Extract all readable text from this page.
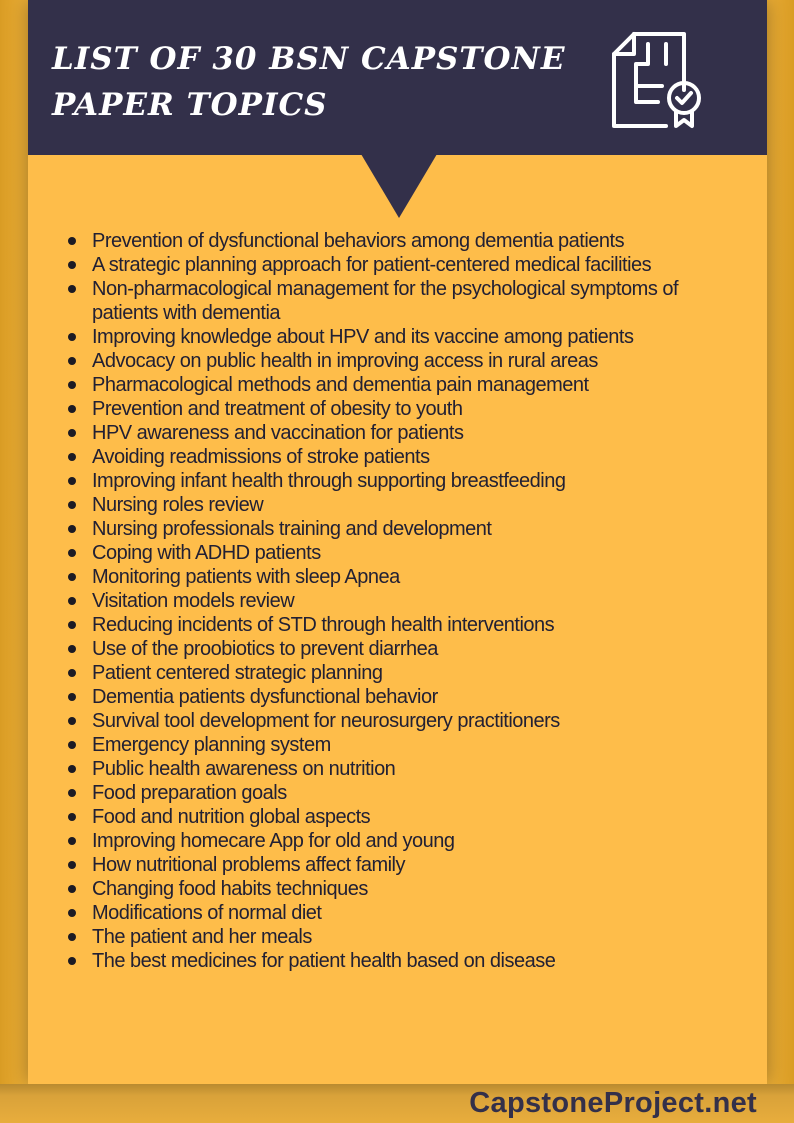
LIST OF 30 BSN CAPSTONE PAPER TOPICS
Prevention of dysfunctional behaviors among dementia patients
A strategic planning approach for patient-centered medical facilities
Non-pharmacological management for the psychological symptoms of patients with dementia
Improving knowledge about HPV and its vaccine among patients
Advocacy on public health in improving access in rural areas
Pharmacological methods and dementia pain management
Prevention and treatment of obesity to youth
HPV awareness and vaccination for patients
Avoiding readmissions of stroke patients
Improving infant health through supporting breastfeeding
Nursing roles review
Nursing professionals training and development
Coping with ADHD patients
Monitoring patients with sleep Apnea
Visitation models review
Reducing incidents of STD through health interventions
Use of the proobiotics to prevent diarrhea
Patient centered strategic planning
Dementia patients dysfunctional behavior
Survival tool development for neurosurgery practitioners
Emergency planning system
Public health awareness on nutrition
Food preparation goals
Food and nutrition global aspects
Improving homecare App for old and young
How nutritional problems affect family
Changing food habits techniques
Modifications of normal diet
The patient and her meals
The best medicines for patient health based on disease
CapstoneProject.net
